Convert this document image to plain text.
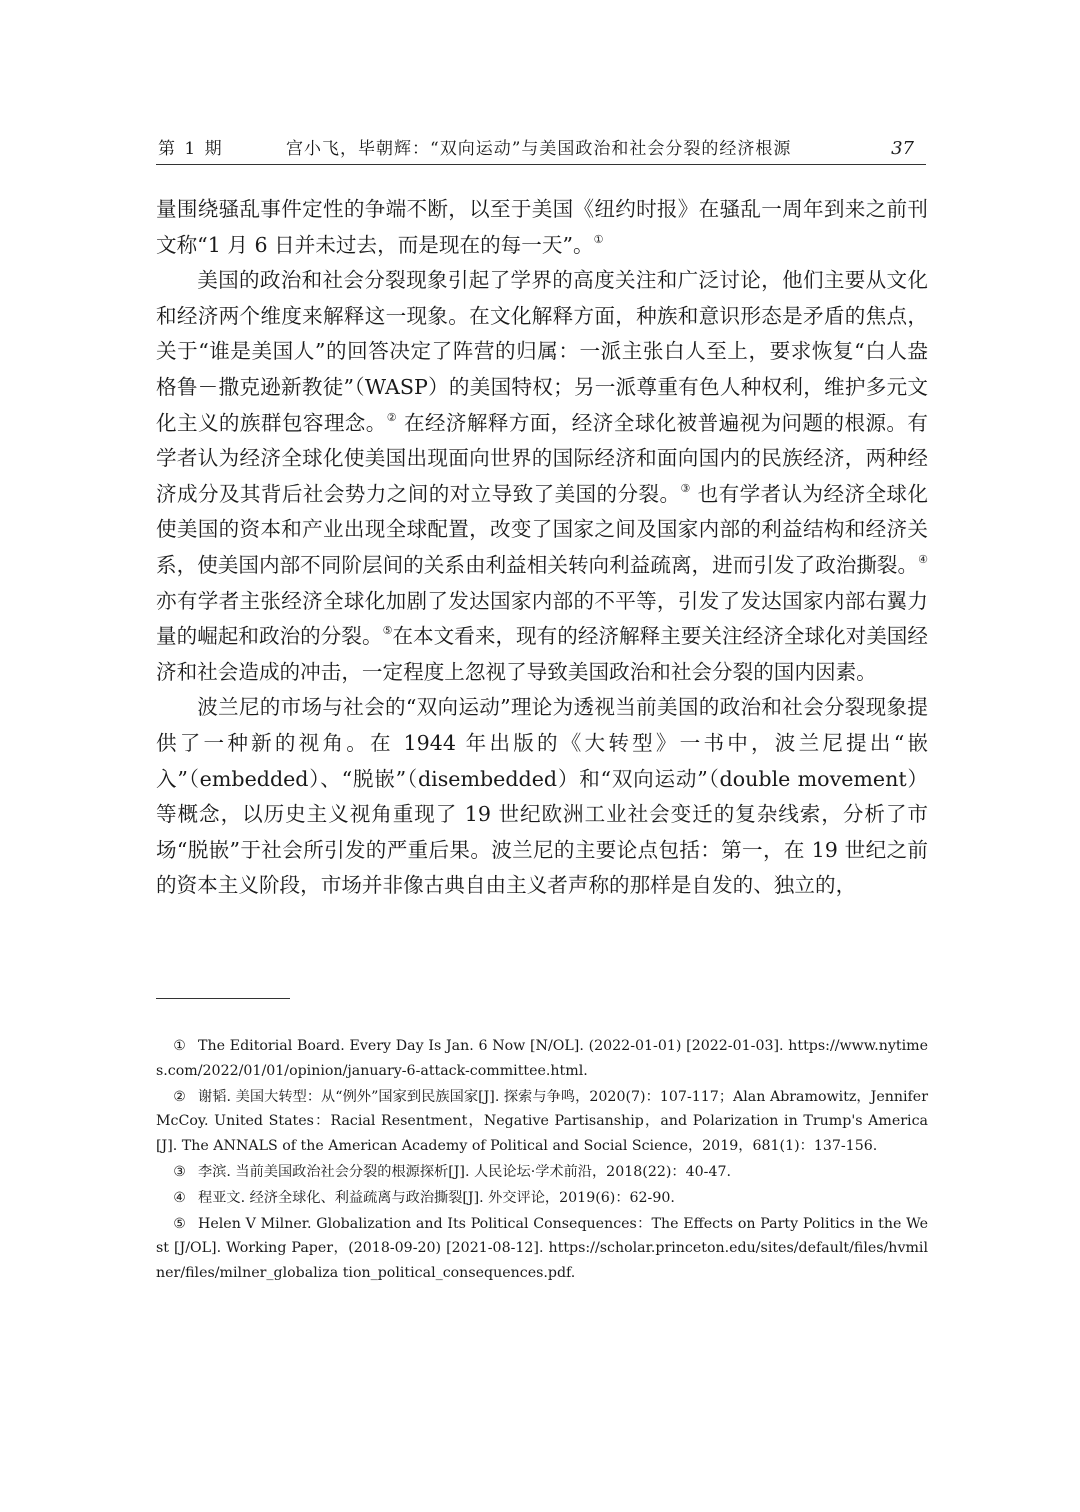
第 1 期	宫小飞，毕朝辉：“双向运动”与美国政治和社会分裂的经济根源	37

量围绕骚乱事件定性的争端不断，以至于美国《纽约时报》在骚乱一周年到来之前刊文称“1 月 6 日并未过去，而是现在的每一天”。①

美国的政治和社会分裂现象引起了学界的高度关注和广泛讨论，他们主要从文化和经济两个维度来解释这一现象。在文化解释方面，种族和意识形态是矛盾的焦点，关于“谁是美国人”的回答决定了阵营的归属：一派主张白人至上，要求恢复“白人盎格鲁－撒克逊新教徒”（WASP）的美国特权；另一派尊重有色人种权利，维护多元文化主义的族群包容理念。② 在经济解释方面，经济全球化被普遍视为问题的根源。有学者认为经济全球化使美国出现面向世界的国际经济和面向国内的民族经济，两种经济成分及其背后社会势力之间的对立导致了美国的分裂。③ 也有学者认为经济全球化使美国的资本和产业出现全球配置，改变了国家之间及国家内部的利益结构和经济关系，使美国内部不同阶层间的关系由利益相关转向利益疏离，进而引发了政治撕裂。④ 亦有学者主张经济全球化加剧了发达国家内部的不平等，引发了发达国家内部右翼力量的崛起和政治的分裂。⑤在本文看来，现有的经济解释主要关注经济全球化对美国经济和社会造成的冲击，一定程度上忽视了导致美国政治和社会分裂的国内因素。

波兰尼的市场与社会的“双向运动”理论为透视当前美国的政治和社会分裂现象提供了一种新的视角。在 1944 年出版的《大转型》一书中，波兰尼提出“嵌入”（embedded）、“脱嵌”（disembedded）和“双向运动”（double movement）等概念，以历史主义视角重现了 19 世纪欧洲工业社会变迁的复杂线索，分析了市场“脱嵌”于社会所引发的严重后果。波兰尼的主要论点包括：第一，在 19 世纪之前的资本主义阶段，市场并非像古典自由主义者声称的那样是自发的、独立的，

① The Editorial Board. Every Day Is Jan. 6 Now [N/OL]. (2022-01-01) [2022-01-03]. https://www.nytimes.com/2022/01/01/opinion/january-6-attack-committee.html.

② 谢韬. 美国大转型：从“例外”国家到民族国家[J]. 探索与争鸣，2020(7)：107-117；Alan Abramowitz，Jennifer McCoy. United States：Racial Resentment，Negative Partisanship，and Polarization in Trump's America [J]. The ANNALS of the American Academy of Political and Social Science，2019，681(1)：137-156.

③ 李滨. 当前美国政治社会分裂的根源探析[J]. 人民论坛·学术前沿，2018(22)：40-47.

④ 程亚文. 经济全球化、利益疏离与政治撕裂[J]. 外交评论，2019(6)：62-90.

⑤ Helen V Milner. Globalization and Its Political Consequences：The Effects on Party Politics in the West [J/OL]. Working Paper，(2018-09-20) [2021-08-12]. https://scholar.princeton.edu/sites/default/files/hvmilner/files/milner_globaliza tion_political_consequences.pdf.
